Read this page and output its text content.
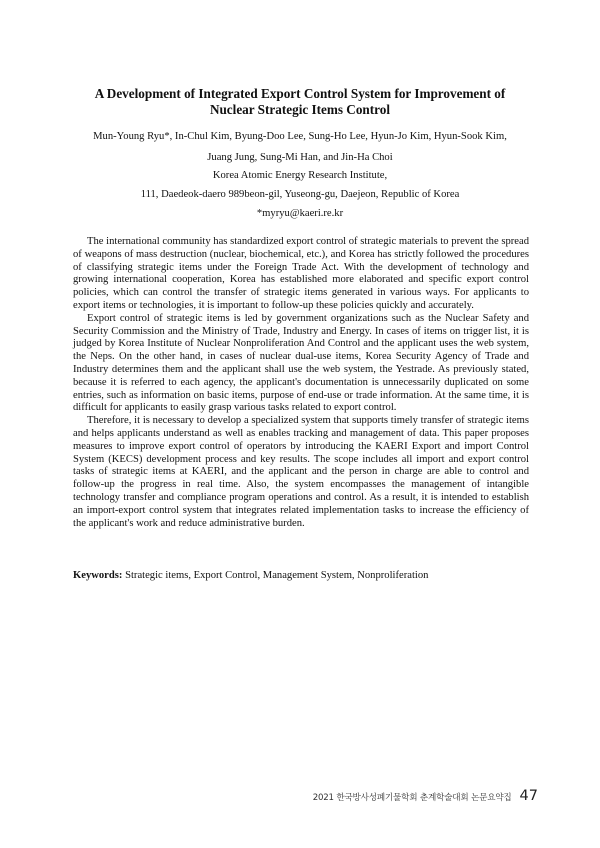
A Development of Integrated Export Control System for Improvement of
Nuclear Strategic Items Control
Mun-Young Ryu*, In-Chul Kim, Byung-Doo Lee, Sung-Ho Lee, Hyun-Jo Kim, Hyun-Sook Kim,
Juang Jung, Sung-Mi Han, and Jin-Ha Choi
Korea Atomic Energy Research Institute,
111, Daedeok-daero 989beon-gil, Yuseong-gu, Daejeon, Republic of Korea
*myryu@kaeri.re.kr

The international community has standardized export control of strategic materials to prevent the spread of weapons of mass destruction (nuclear, biochemical, etc.), and Korea has strictly followed the procedures of classifying strategic items under the Foreign Trade Act. With the development of technology and growing international cooperation, Korea has established more elaborated and specific export control policies, which can control the transfer of strategic items generated in various ways. For applicants to export items or technologies, it is important to follow-up these policies quickly and accurately.

Export control of strategic items is led by government organizations such as the Nuclear Safety and Security Commission and the Ministry of Trade, Industry and Energy. In cases of items on trigger list, it is judged by Korea Institute of Nuclear Nonproliferation And Control and the applicant uses the web system, the Neps. On the other hand, in cases of nuclear dual-use items, Korea Security Agency of Trade and Industry determines them and the applicant shall use the web system, the Yestrade. As previously stated, because it is referred to each agency, the applicant's documentation is unnecessarily duplicated on some entries, such as information on basic items, purpose of end-use or trade information. At the same time, it is difficult for applicants to easily grasp various tasks related to export control.

Therefore, it is necessary to develop a specialized system that supports timely transfer of strategic items and helps applicants understand as well as enables tracking and management of data. This paper proposes measures to improve export control of operators by introducing the KAERI Export and import Control System (KECS) development process and key results. The scope includes all import and export control tasks of strategic items at KAERI, and the applicant and the person in charge are able to control and follow-up the progress in real time. Also, the system encompasses the management of intangible technology transfer and compliance program operations and control. As a result, it is intended to establish an import-export control system that integrates related implementation tasks to increase the efficiency of the applicant's work and reduce administrative burden.

Keywords: Strategic items, Export Control, Management System, Nonproliferation
2021 한국방사성폐기물학회 춘계학술대회 논문요약집 47
